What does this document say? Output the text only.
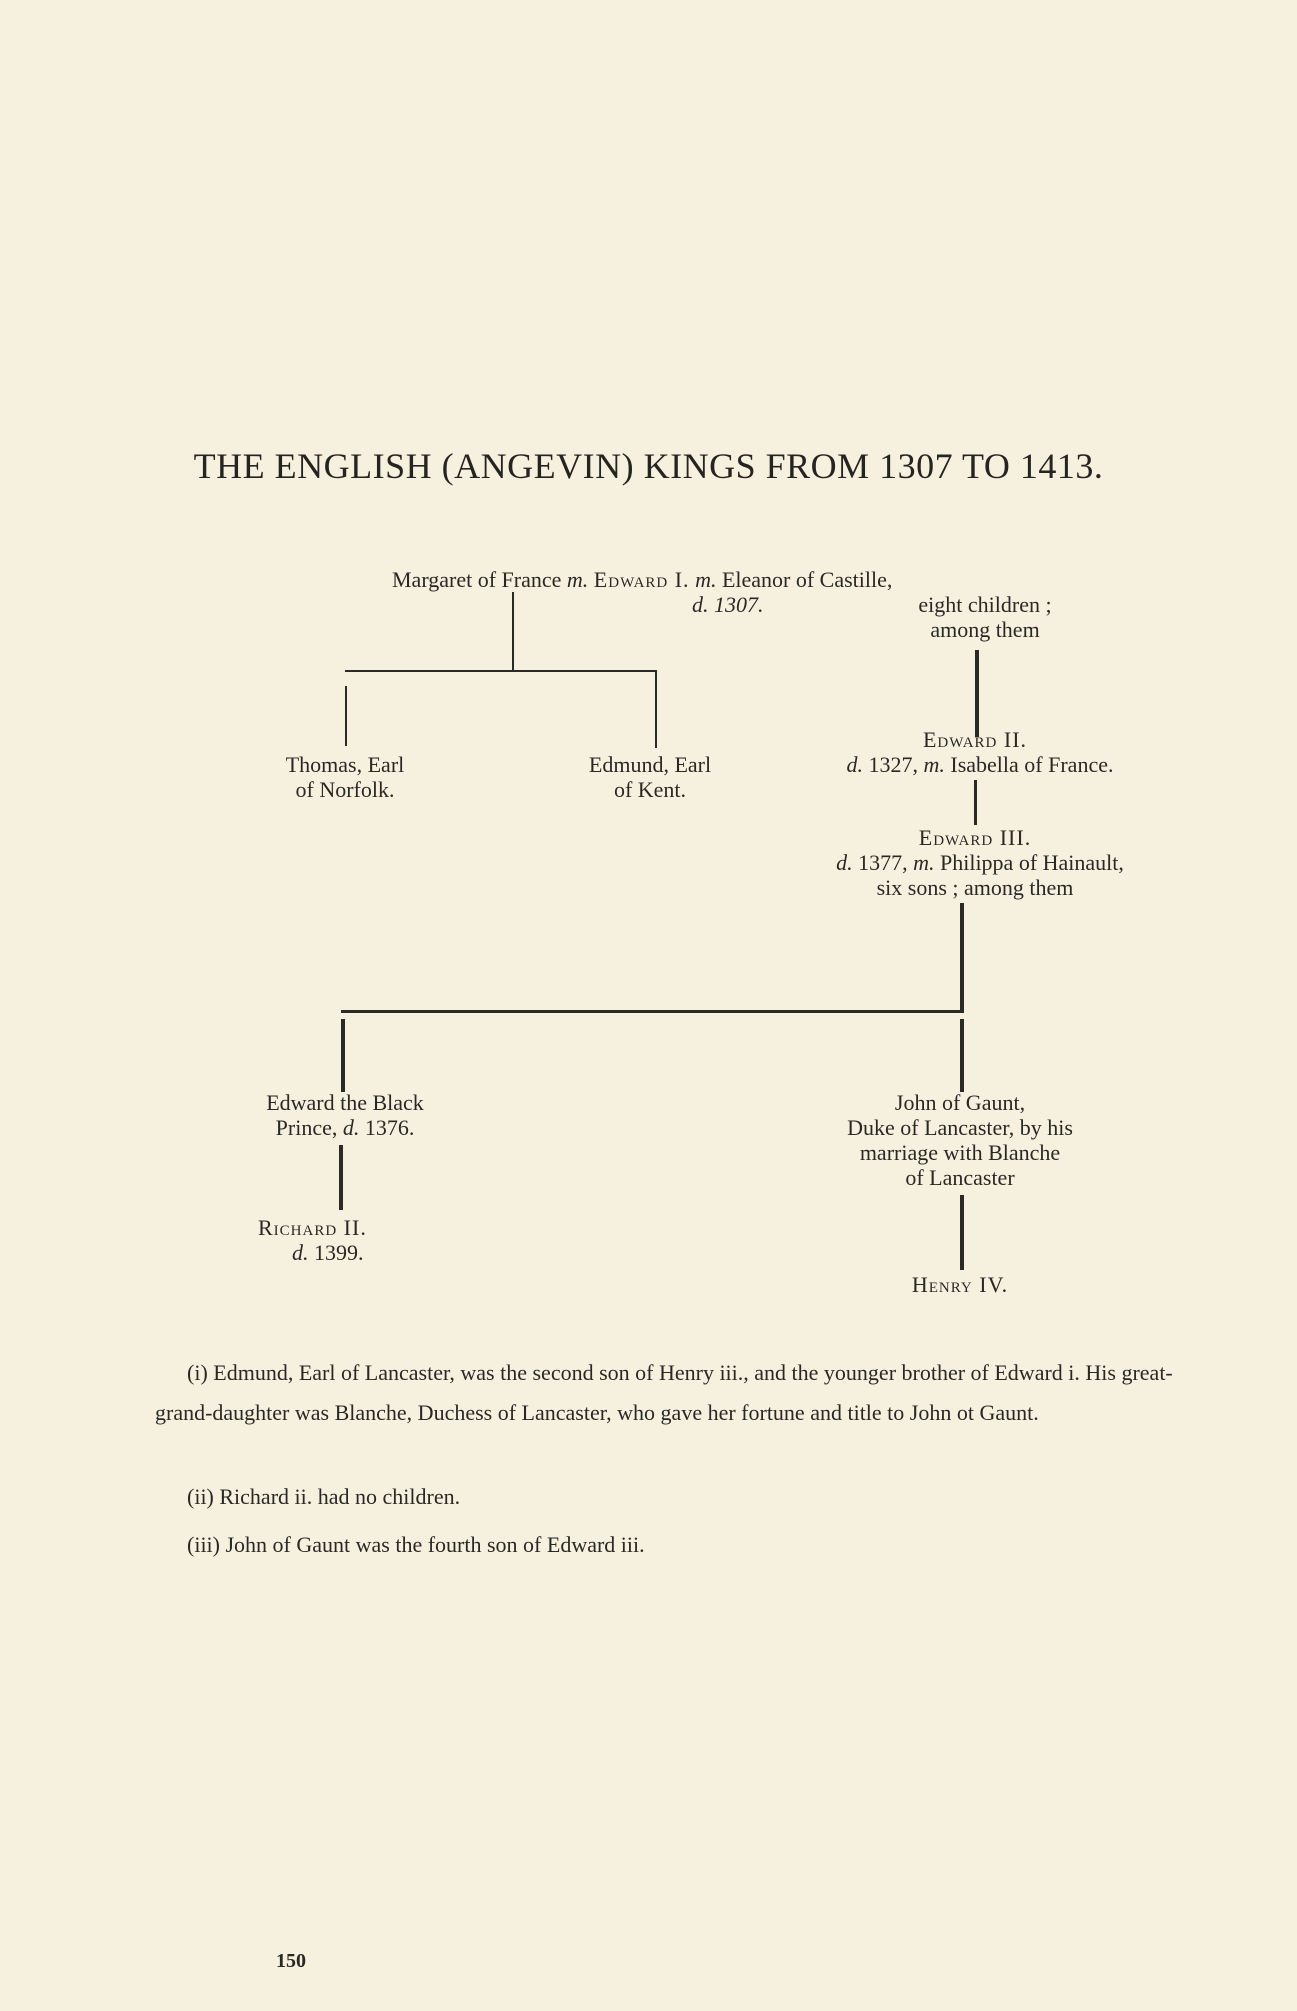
THE ENGLISH (ANGEVIN) KINGS FROM 1307 TO 1413.
Margaret of France m. Edward I. m. Eleanor of Castille,
d. 1307.	eight children ;
among them
Thomas, Earl
of Norfolk.
Edmund, Earl
of Kent.
Edward II.
d. 1327, m. Isabella of France.
Edward III.
d. 1377, m. Philippa of Hainault,
six sons ; among them
Edward the Black
Prince, d. 1376.
Richard II.
d. 1399.
John of Gaunt,
Duke of Lancaster, by his
marriage with Blanche
of Lancaster
Henry IV.

(i) Edmund, Earl of Lancaster, was the second son of Henry iii., and the younger brother of Edward i. His great-grand-daughter was Blanche, Duchess of Lancaster, who gave her fortune and title to John ot Gaunt.

(ii) Richard ii. had no children.
(iii) John of Gaunt was the fourth son of Edward iii.
150
